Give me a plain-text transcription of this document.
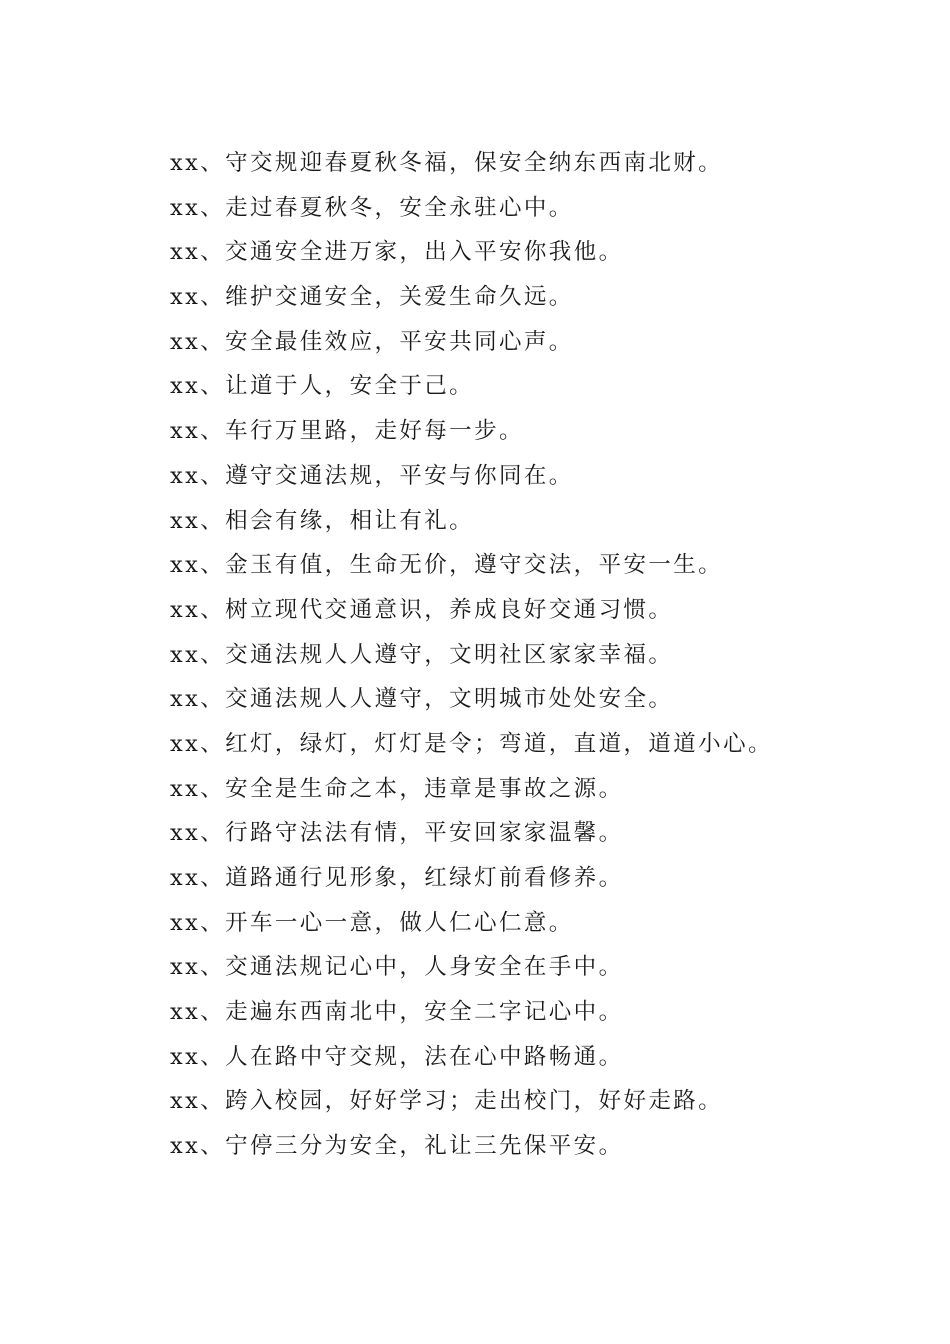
xx、守交规迎春夏秋冬福，保安全纳东西南北财。
xx、走过春夏秋冬，安全永驻心中。
xx、交通安全进万家，出入平安你我他。
xx、维护交通安全，关爱生命久远。
xx、安全最佳效应，平安共同心声。
xx、让道于人，安全于己。
xx、车行万里路，走好每一步。
xx、遵守交通法规，平安与你同在。
xx、相会有缘，相让有礼。
xx、金玉有值，生命无价，遵守交法，平安一生。
xx、树立现代交通意识，养成良好交通习惯。
xx、交通法规人人遵守，文明社区家家幸福。
xx、交通法规人人遵守，文明城市处处安全。
xx、红灯，绿灯，灯灯是令；弯道，直道，道道小心。
xx、安全是生命之本，违章是事故之源。
xx、行路守法法有情，平安回家家温馨。
xx、道路通行见形象，红绿灯前看修养。
xx、开车一心一意，做人仁心仁意。
xx、交通法规记心中，人身安全在手中。
xx、走遍东西南北中，安全二字记心中。
xx、人在路中守交规，法在心中路畅通。
xx、跨入校园，好好学习；走出校门，好好走路。
xx、宁停三分为安全，礼让三先保平安。
